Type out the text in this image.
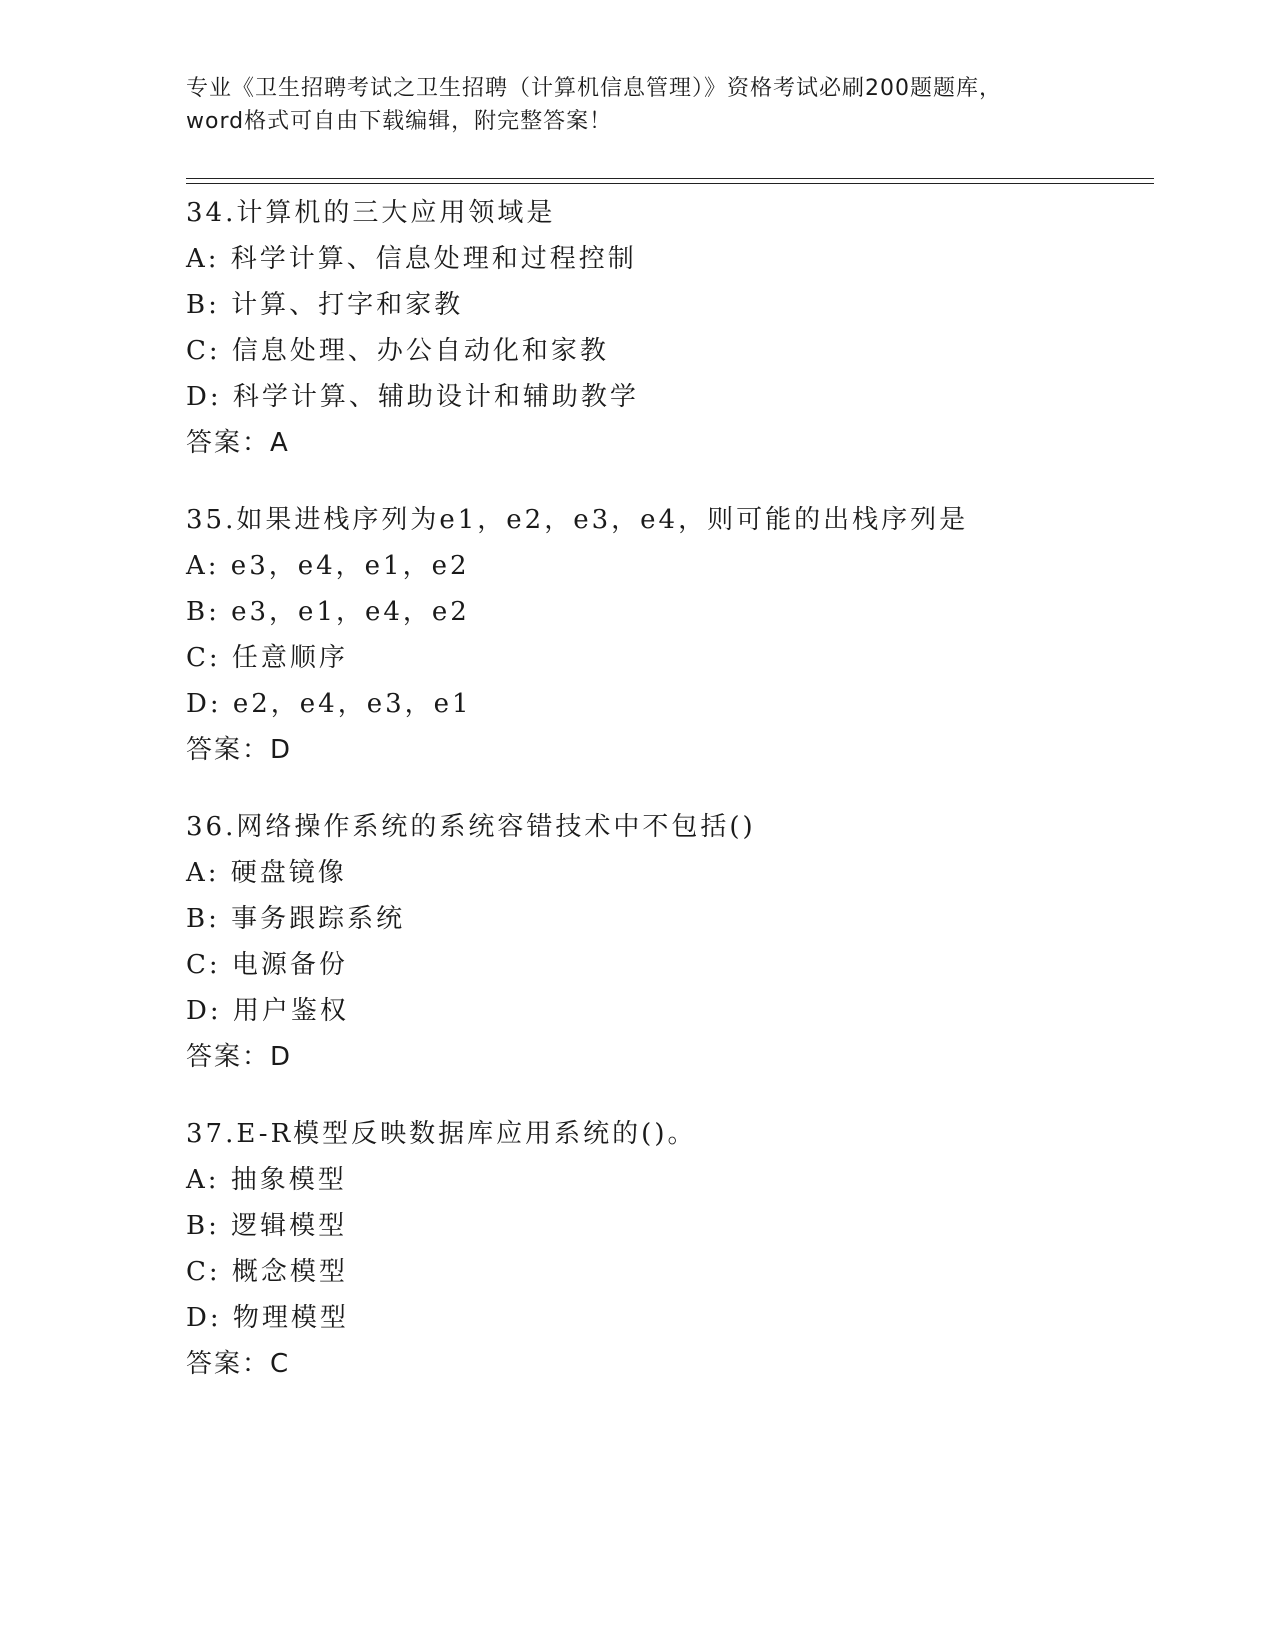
专业《卫生招聘考试之卫生招聘（计算机信息管理）》资格考试必刷200题题库，
word格式可自由下载编辑，附完整答案！
34.计算机的三大应用领域是
A: 科学计算、信息处理和过程控制
B: 计算、打字和家教
C: 信息处理、办公自动化和家教
D: 科学计算、辅助设计和辅助教学
答案：A
35.如果进栈序列为e1，e2，e3，e4，则可能的出栈序列是
A: e3，e4，e1，e2
B: e3，e1，e4，e2
C: 任意顺序
D: e2，e4，e3，e1
答案：D
36.网络操作系统的系统容错技术中不包括()
A: 硬盘镜像
B: 事务跟踪系统
C: 电源备份
D: 用户鉴权
答案：D
37.E-R模型反映数据库应用系统的()。
A: 抽象模型
B: 逻辑模型
C: 概念模型
D: 物理模型
答案：C
